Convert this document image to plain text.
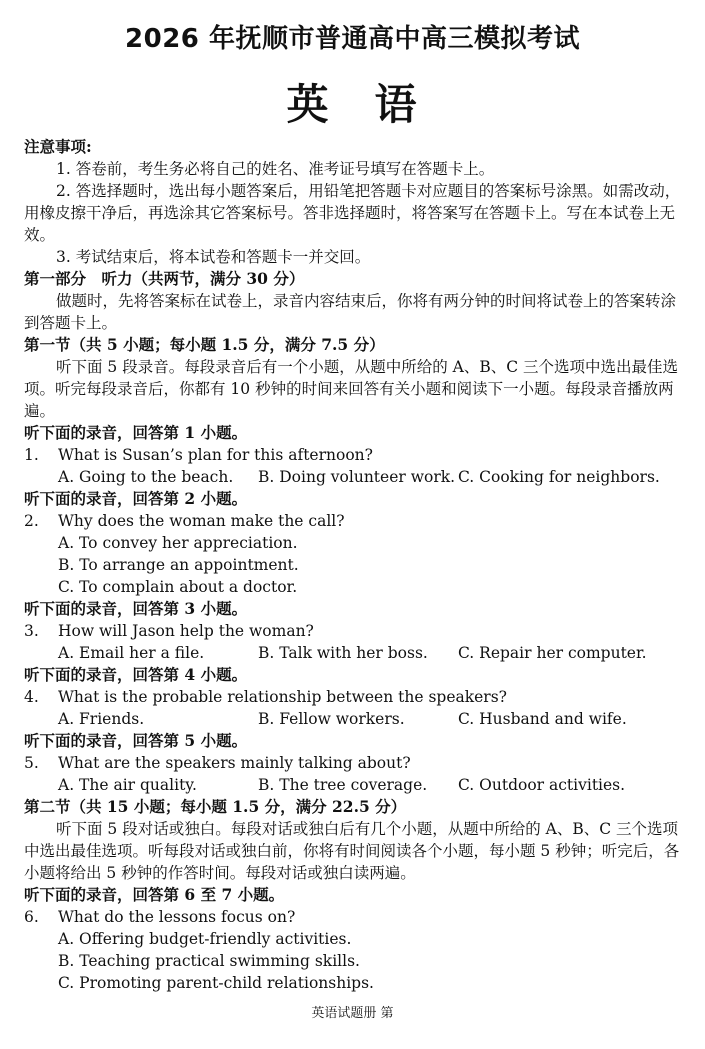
2026 年抚顺市普通高中高三模拟考试
英　语

注意事项:

1. 答卷前，考生务必将自己的姓名、准考证号填写在答题卡上。

2. 答选择题时，选出每小题答案后，用铅笔把答题卡对应题目的答案标号涂黑。如需改动，用橡皮擦干净后，再选涂其它答案标号。答非选择题时，将答案写在答题卡上。写在本试卷上无效。

3. 考试结束后，将本试卷和答题卡一并交回。

第一部分　听力（共两节，满分 30 分）

做题时，先将答案标在试卷上，录音内容结束后，你将有两分钟的时间将试卷上的答案转涂到答题卡上。

第一节（共 5 小题；每小题 1.5 分，满分 7.5 分）

听下面 5 段录音。每段录音后有一个小题，从题中所给的 A、B、C 三个选项中选出最佳选项。听完每段录音后，你都有 10 秒钟的时间来回答有关小题和阅读下一小题。每段录音播放两遍。

听下面的录音，回答第 1 小题。

1.	What is Susan’s plan for this afternoon?
A. Going to the beach.	B. Doing volunteer work. C. Cooking for neighbors.

听下面的录音，回答第 2 小题。

2.	Why does the woman make the call?

A. To convey her appreciation.

B. To arrange an appointment.

C. To complain about a doctor.

听下面的录音，回答第 3 小题。

3.	How will Jason help the woman?
A. Email her a file.	B. Talk with her boss.	C. Repair her computer.

听下面的录音，回答第 4 小题。

4.	What is the probable relationship between the speakers?
A. Friends.	B. Fellow workers.	C. Husband and wife.

听下面的录音，回答第 5 小题。

5.	What are the speakers mainly talking about?
A. The air quality.	B. The tree coverage.	C. Outdoor activities.

第二节（共 15 小题；每小题 1.5 分，满分 22.5 分）

听下面 5 段对话或独白。每段对话或独白后有几个小题，从题中所给的 A、B、C 三个选项中选出最佳选项。听每段对话或独白前，你将有时间阅读各个小题，每小题 5 秒钟；听完后，各小题将给出 5 秒钟的作答时间。每段对话或独白读两遍。

听下面的录音，回答第 6 至 7 小题。

6.	What do the lessons focus on?

A. Offering budget-friendly activities.

B. Teaching practical swimming skills.

C. Promoting parent-child relationships.

英语试题册 第
